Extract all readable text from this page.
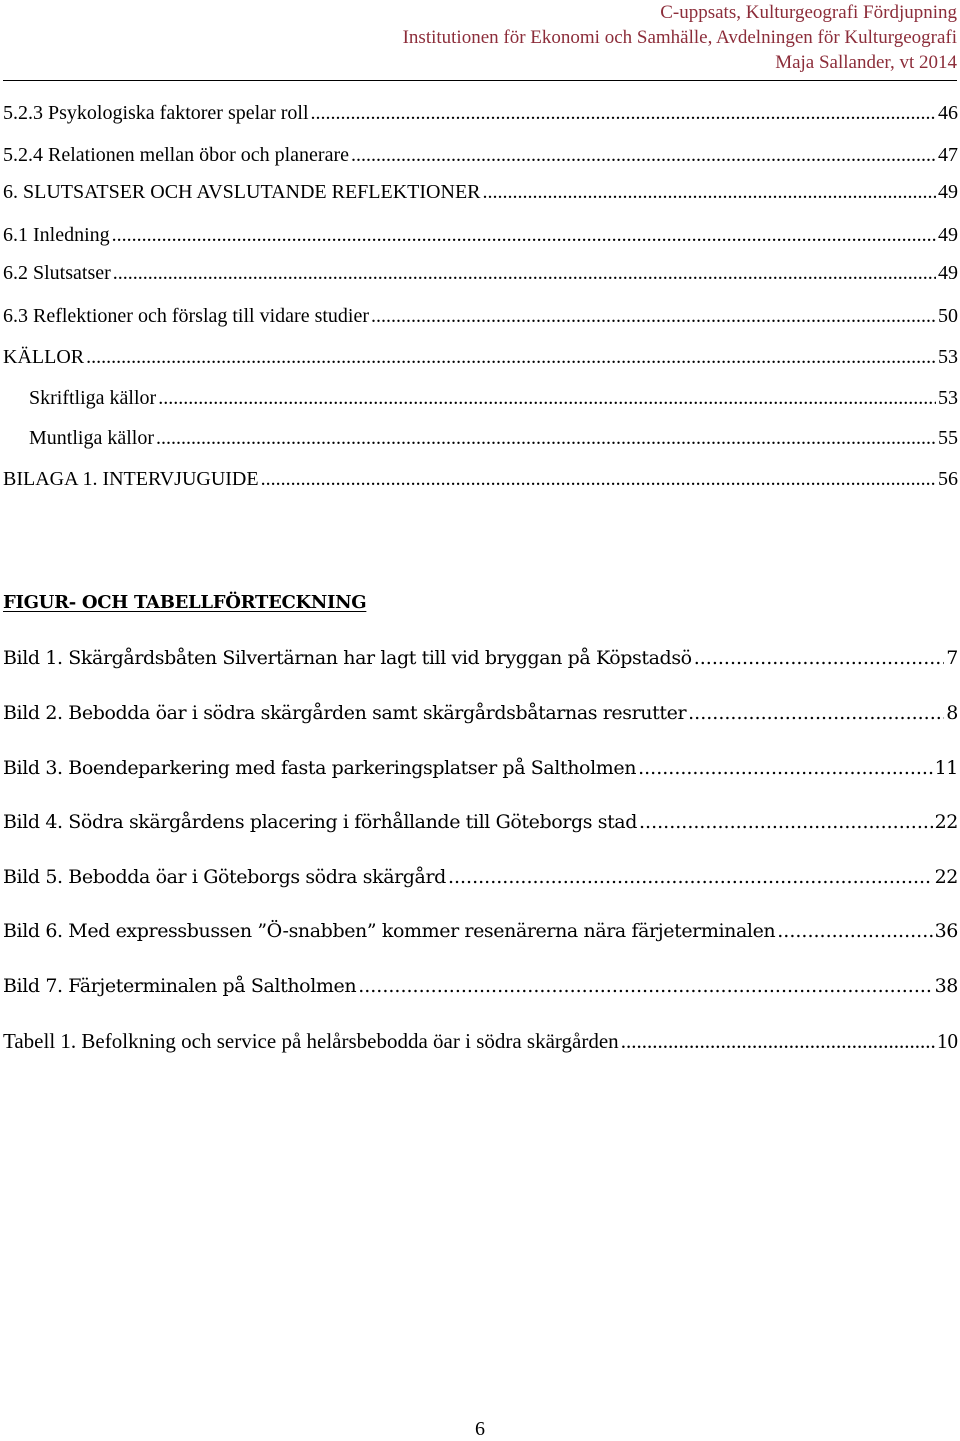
C-uppsats, Kulturgeografi Fördjupning
Institutionen för Ekonomi och Samhälle, Avdelningen för Kulturgeografi
Maja Sallander, vt 2014
5.2.3 Psykologiska faktorer spelar roll .....	46
5.2.4 Relationen mellan öbor och planerare .....	47
6. SLUTSATSER OCH AVSLUTANDE REFLEKTIONER .....	49
6.1 Inledning .....	49
6.2 Slutsatser .....	49
6.3 Reflektioner och förslag till vidare studier .....	50
KÄLLOR .....	53
Skriftliga källor .....	53
Muntliga källor .....	55
BILAGA 1. INTERVJUGUIDE .....	56
FIGUR- OCH TABELLFÖRTECKNING
Bild 1. Skärgårdsbåten Silvertärnan har lagt till vid bryggan på Köpstadsö .....	7
Bild 2. Bebodda öar i södra skärgården samt skärgårdsbåtarnas resrutter .....	8
Bild 3. Boendeparkering med fasta parkeringsplatser på Saltholmen .....	11
Bild 4. Södra skärgårdens placering i förhållande till Göteborgs stad .....	22
Bild 5. Bebodda öar i Göteborgs södra skärgård .....	22
Bild 6. Med expressbussen ”Ö-snabben” kommer resenärerna nära färjeterminalen .....	36
Bild 7. Färjeterminalen på Saltholmen .....	38
Tabell 1. Befolkning och service på helårsbebodda öar i södra skärgården .....	10
6
